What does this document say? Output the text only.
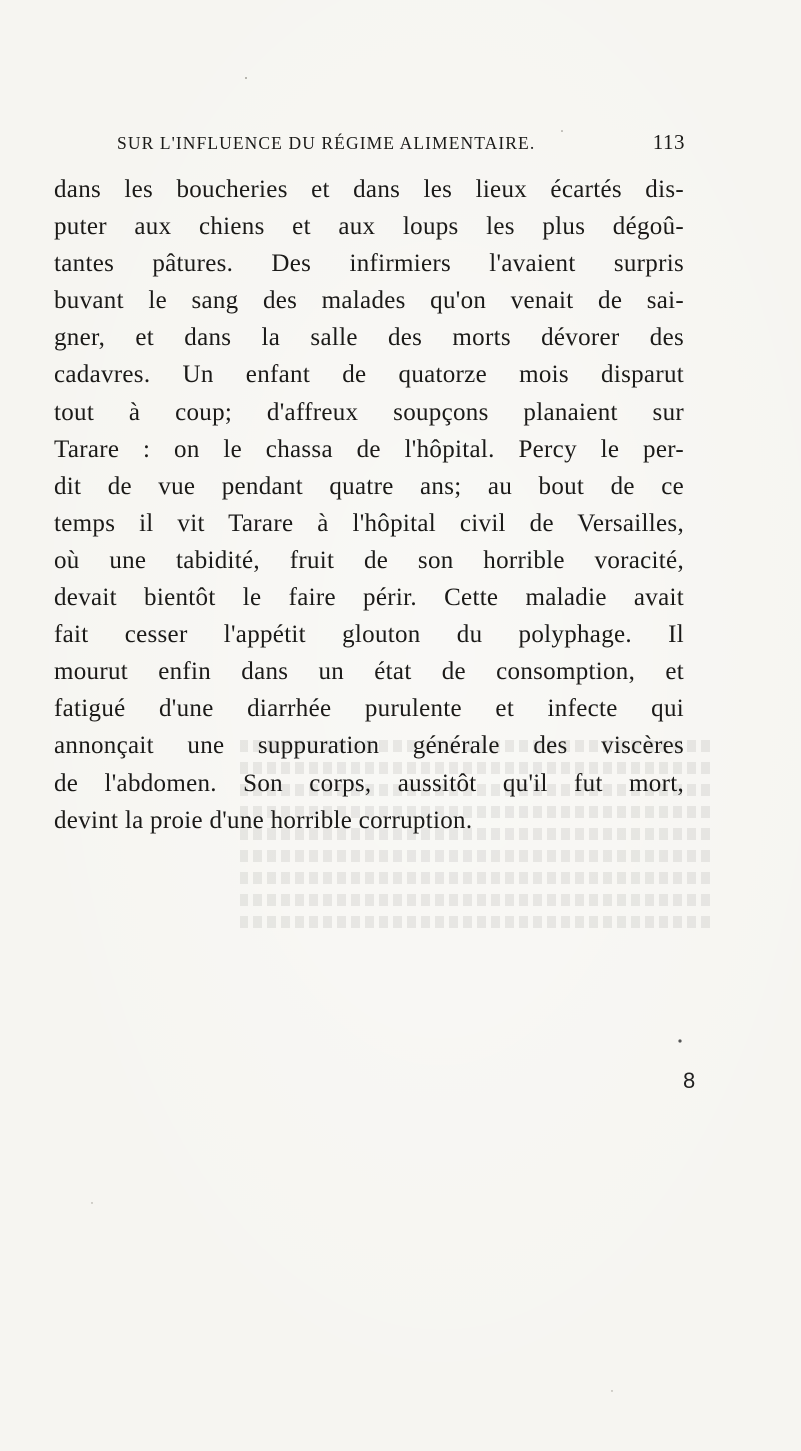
SUR L'INFLUENCE DU RÉGIME ALIMENTAIRE.	113
dans les boucheries et dans les lieux écartés dis-
puter aux chiens et aux loups les plus dégoû-
tantes pâtures. Des infirmiers l'avaient surpris
buvant le sang des malades qu'on venait de sai-
gner, et dans la salle des morts dévorer des
cadavres. Un enfant de quatorze mois disparut
tout à coup; d'affreux soupçons planaient sur
Tarare : on le chassa de l'hôpital. Percy le per-
dit de vue pendant quatre ans; au bout de ce
temps il vit Tarare à l'hôpital civil de Versailles,
où une tabidité, fruit de son horrible voracité,
devait bientôt le faire périr. Cette maladie avait
fait cesser l'appétit glouton du polyphage. Il
mourut enfin dans un état de consomption, et
fatigué d'une diarrhée purulente et infecte qui
annonçait une suppuration générale des viscères
de l'abdomen. Son corps, aussitôt qu'il fut mort,
devint la proie d'une horrible corruption.
8
